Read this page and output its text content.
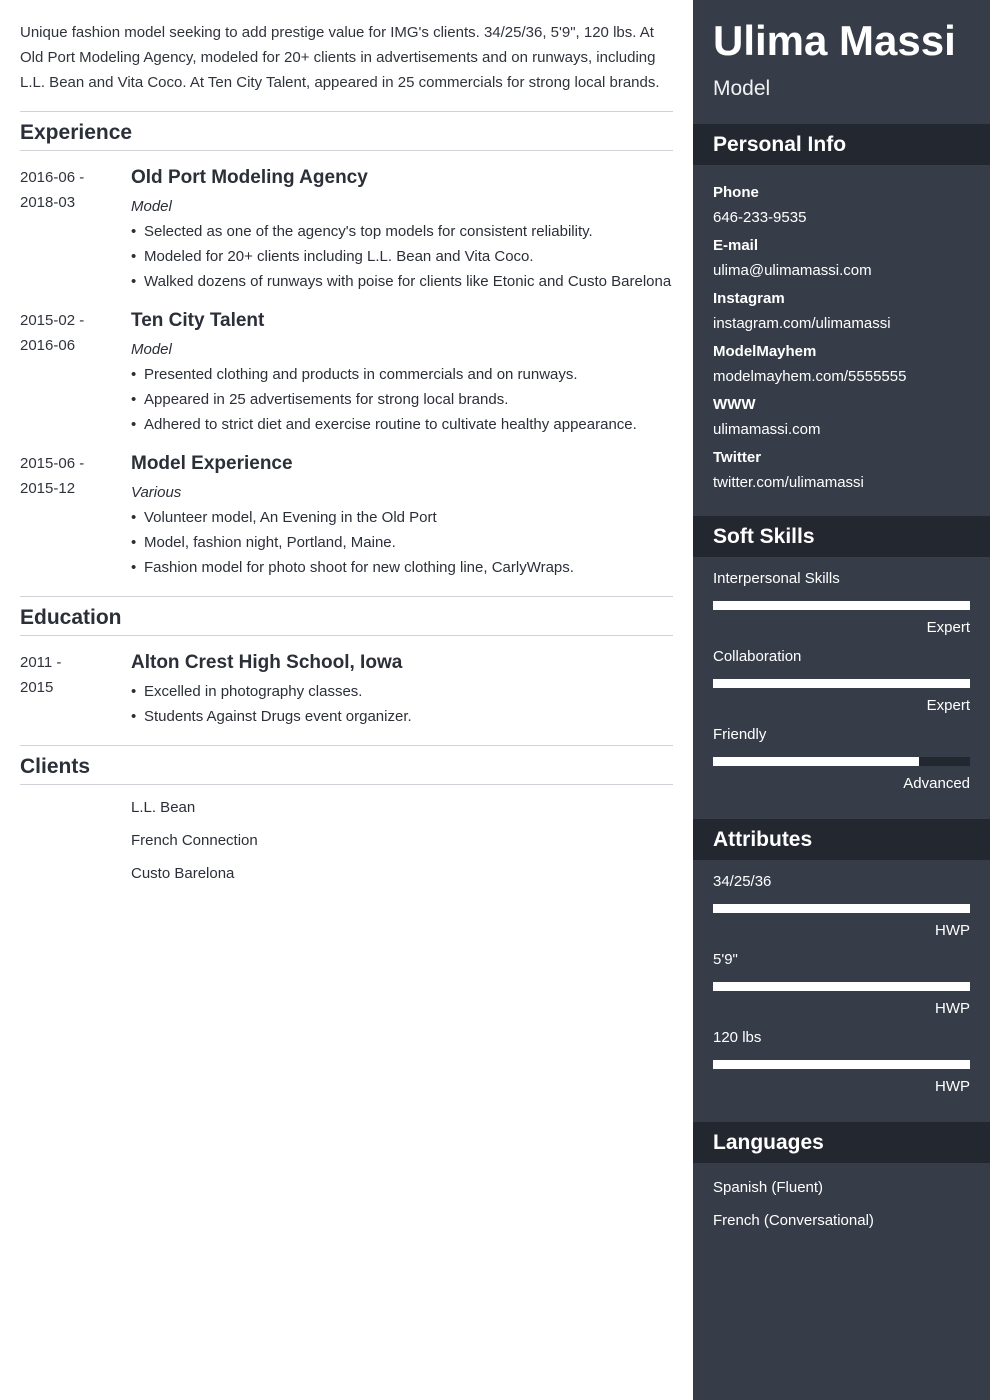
Unique fashion model seeking to add prestige value for IMG's clients. 34/25/36, 5'9", 120 lbs. At Old Port Modeling Agency, modeled for 20+ clients in advertisements and on runways, including L.L. Bean and Vita Coco. At Ten City Talent, appeared in 25 commercials for strong local brands.
Experience
2016-06 -
2018-03
Old Port Modeling Agency
Model
• Selected as one of the agency's top models for consistent reliability.
• Modeled for 20+ clients including L.L. Bean and Vita Coco.
• Walked dozens of runways with poise for clients like Etonic and Custo Barelona
2015-02 -
2016-06
Ten City Talent
Model
• Presented clothing and products in commercials and on runways.
• Appeared in 25 advertisements for strong local brands.
• Adhered to strict diet and exercise routine to cultivate healthy appearance.
2015-06 -
2015-12
Model Experience
Various
• Volunteer model, An Evening in the Old Port
• Model, fashion night, Portland, Maine.
• Fashion model for photo shoot for new clothing line, CarlyWraps.
Education
2011 -
2015
Alton Crest High School, Iowa
• Excelled in photography classes.
• Students Against Drugs event organizer.
Clients
L.L. Bean
French Connection
Custo Barelona
Ulima Massi
Model
Personal Info
Phone
646-233-9535
E-mail
ulima@ulimamassi.com
Instagram
instagram.com/ulimamassi
ModelMayhem
modelmayhem.com/5555555
WWW
ulimamassi.com
Twitter
twitter.com/ulimamassi
Soft Skills
Interpersonal Skills
Expert
Collaboration
Expert
Friendly
Advanced
Attributes
34/25/36
HWP
5'9"
HWP
120 lbs
HWP
Languages
Spanish (Fluent)
French (Conversational)
